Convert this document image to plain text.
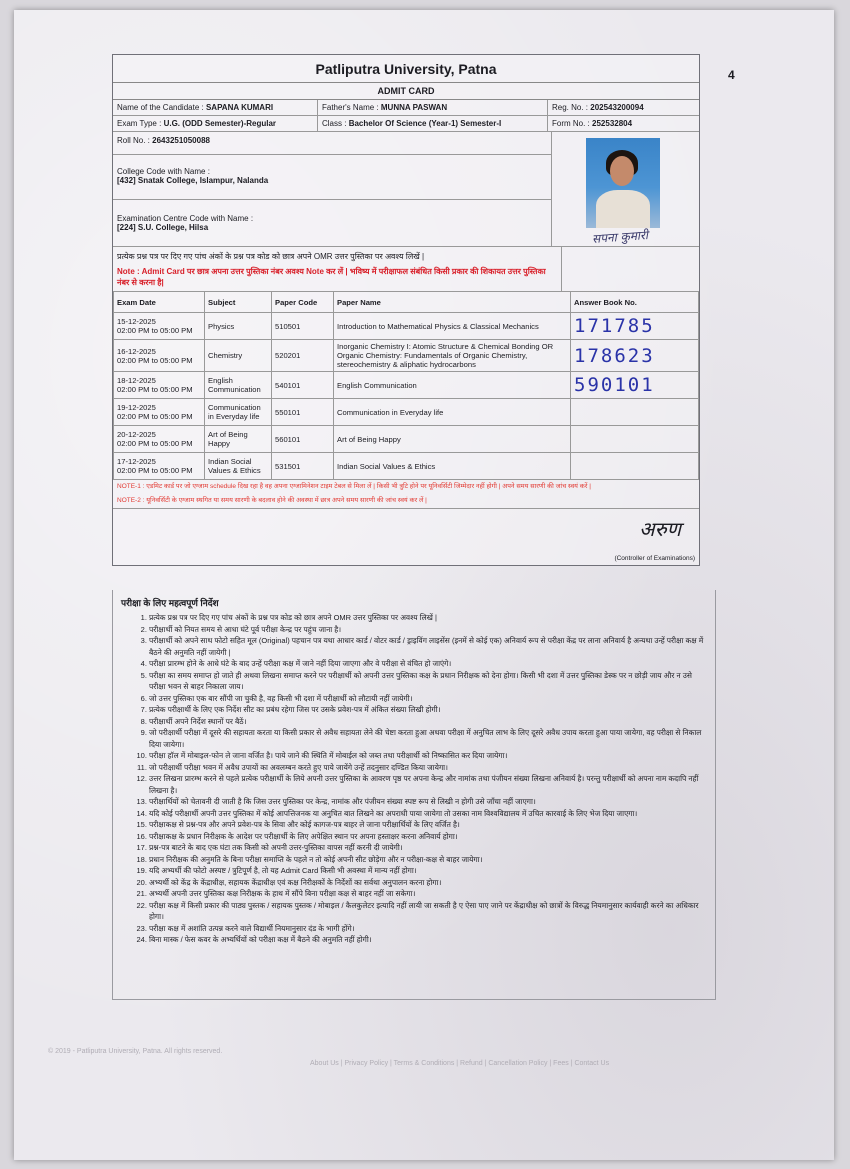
4
Patliputra University, Patna
ADMIT CARD
Name of the Candidate : SAPANA KUMARI	Father's Name : MUNNA PASWAN	Reg. No. : 202543200094
Exam Type : U.G. (ODD Semester)-Regular	Class : Bachelor Of Science (Year-1) Semester-I	Form No. : 252532804
Roll No. : 2643251050088
College Code with Name :
[432] Snatak College, Islampur, Nalanda
Examination Centre Code with Name :
[224] S.U. College, Hilsa
सपना कुमारी
प्रत्येक प्रश्न पत्र पर दिए गए पांच अंकों के प्रश्न पत्र कोड को छात्र अपने OMR उत्तर पुस्तिका पर अवश्य लिखें |
Note : Admit Card पर छात्र अपना उत्तर पुस्तिका नंबर अवश्य Note कर लें | भविष्य में परीक्षाफल संबंधित किसी प्रकार की शिकायत उत्तर पुस्तिका नंबर से करना है|
Exam Date	Subject	Paper Code	Paper Name	Answer Book No.

15-12-2025
02:00 PM to 05:00 PM	Physics	510501	Introduction to Mathematical Physics & Classical Mechanics	171785

16-12-2025
02:00 PM to 05:00 PM	Chemistry	520201	Inorganic Chemistry I: Atomic Structure & Chemical Bonding OR Organic Chemistry: Fundamentals of Organic Chemistry, stereochemistry & aliphatic hydrocarbons	178623

18-12-2025
02:00 PM to 05:00 PM	English Communication	540101	English Communication	590101

19-12-2025
02:00 PM to 05:00 PM	Communication in Everyday life	550101	Communication in Everyday life	

20-12-2025
02:00 PM to 05:00 PM	Art of Being Happy	560101	Art of Being Happy	

17-12-2025
02:00 PM to 05:00 PM	Indian Social Values & Ethics	531501	Indian Social Values & Ethics	
NOTE-1 : एडमिट कार्ड पर जो एग्जाम schedule दिख रहा है वह अपना एग्जामिनेशन टाइम टेबल से मिला लें | किसी भी त्रुटि होने पर यूनिवर्सिटी जिम्मेदार नहीं होगी | अपने समय सारणी की जांच स्वयं करें |
NOTE-2 : यूनिवर्सिटी के एग्जाम स्थगित या समय सारणी के बदलाव होने की अवस्था में छात्र अपने समय सारणी की जांच स्वयं कर लें |
अरुण
(Controller of Examinations)
परीक्षा के लिए महत्वपूर्ण निर्देश
1. प्रत्येक प्रश्न पत्र पर दिए गए पांच अंकों के प्रश्न पत्र कोड को छात्र अपने OMR उत्तर पुस्तिका पर अवश्य लिखें |
2. परीक्षार्थी को नियत समय से आधा घंटे पूर्व परीक्षा केन्द्र पर पहुंच जाना है।
3. परीक्षार्थी को अपने साथ फोटो सहित मूल (Original) पहचान पत्र यथा आधार कार्ड / वोटर कार्ड / ड्राइविंग लाइसेंस (इनमें से कोई एक) अनिवार्य रूप से परीक्षा केंद्र पर लाना अनिवार्य है अन्यथा उन्हें परीक्षा कक्ष में बैठने की अनुमति नहीं जायेगी |
4. परीक्षा प्रारम्भ होने के आधे घंटे के बाद उन्हें परीक्षा कक्ष में जाने नहीं दिया जाएगा और वे परीक्षा से वंचित हो जाएंगे।
5. परीक्षा का समय समाप्त हो जाते ही अथवा लिखना समाप्त करने पर परीक्षार्थी को अपनी उत्तर पुस्तिका कक्ष के प्रधान निरीक्षक को देना होगा। किसी भी दशा में उत्तर पुस्तिका डेस्क पर न छोड़ी जाय और न उसे परीक्षा भवन से बाहर निकाला जाय।
6. जो उत्तर पुस्तिका एक बार सौंपी जा चुकी है, वह किसी भी दशा में परीक्षार्थी को लौटायी नहीं जायेगी।
7. प्रत्येक परीक्षार्थी के लिए एक निर्देश सीट का प्रबंध रहेगा जिस पर उसके प्रवेश-पत्र में अंकित संख्या लिखी होगी।
8. परीक्षार्थी अपने निर्देश स्थानों पर बैठें।
9. जो परीक्षार्थी परीक्षा में दूसरे की सहायता करता या किसी प्रकार से अवैध सहायता लेने की चेष्टा करता हुआ अथवा परीक्षा में अनुचित लाभ के लिए दूसरे अवैध उपाय करता हुआ पाया जायेगा, वह परीक्षा से निकाल दिया जायेगा।
10. परीक्षा हॉल में मोबाइल-फोन ले जाना वर्जित है। पाये जाने की स्थिति में मोबाईल को जब्त तथा परीक्षार्थी को निष्कासित कर दिया जायेगा।
11. जो परीक्षार्थी परीक्षा भवन में अवैध उपायों का अवलम्बन करते हुए पाये जायेंगे उन्हें तदनुसार दण्डित किया जायेगा।
12. उत्तर लिखना प्रारम्भ करने से पहले प्रत्येक परीक्षार्थी के लिये अपनी उत्तर पुस्तिका के आवरण पृष्ठ पर अपना केन्द्र और नामांक तथा पंजीयन संख्या लिखना अनिवार्य है। परन्तु परीक्षार्थी को अपना नाम कदापि नहीं लिखना है।
13. परीक्षार्थियों को चेतावनी दी जाती है कि जिस उत्तर पुस्तिका पर केन्द्र, नामांक और पंजीयन संख्या स्पष्ट रूप से लिखी न होगी उसे जाँचा नहीं जाएगा।
14. यदि कोई परीक्षार्थी अपनी उत्तर पुस्तिका में कोई आपत्तिजनक या अनुचित बात लिखने का अपराधी पाया जायेगा तो उसका नाम विश्वविद्यालय में उचित कारवाई के लिए भेज दिया जाएगा।
15. परीक्षाकक्ष से प्रश्न-पत्र और अपने प्रवेश-पत्र के सिवा और कोई कागज-पत्र बाहर ले जाना परीक्षार्थियों के लिए वर्जित है।
16. परीक्षाकक्ष के प्रधान निरीक्षक के आदेश पर परीक्षार्थी के लिए अपेक्षित स्थान पर अपना हस्ताक्षर करना अनिवार्य होगा।
17. प्रश्न-पत्र बाटने के बाद एक घंटा तक किसी को अपनी उत्तर-पुस्तिका वापस नहीं करनी दी जायेगी।
18. प्रधान निरीक्षक की अनुमति के बिना परीक्षा समाप्ति के पहले न तो कोई अपनी सीट छोड़ेगा और न परीक्षा-कक्ष से बाहर जायेगा।
19. यदि अभ्यर्थी की फोटो अस्पष्ट / त्रुटिपूर्ण है, तो यह Admit Card किसी भी अवस्था में मान्य नहीं होगा।
20. अभ्यर्थी को केंद्र के केंद्राधीक्ष, सहायक केंद्राधीक्ष एवं कक्ष निरीक्षकों के निर्देशों का सर्वथा अनुपालन करना होगा।
21. अभ्यर्थी अपनी उत्तर पुस्तिका कक्ष निरीक्षक के हाथ में सौंपे बिना परीक्षा कक्ष से बाहर नहीं जा सकेगा।
22. परीक्षा कक्ष में किसी प्रकार की पाठ्य पुस्तक / सहायक पुस्तक / मोबाइल / कैलकुलेटर इत्यादि नहीं लायी जा सकती है ए ऐसा पाए जाने पर केंद्राधीक्ष को छात्रों के विरुद्ध नियमानुसार कार्यवाही करने का अधिकार होगा।
23. परीक्षा कक्ष में अशांति उत्पन्न करने वाले विद्यार्थी नियमानुसार दंड के भागी होंगे।
24. बिना मास्क / फेस कवर के अभ्यर्थियों को परीक्षा कक्ष में बैठने की अनुमति नहीं होगी।
© 2019 - Patliputra University, Patna. All rights reserved.
About Us | Privacy Policy | Terms & Conditions | Refund | Cancellation Policy | Fees | Contact Us
